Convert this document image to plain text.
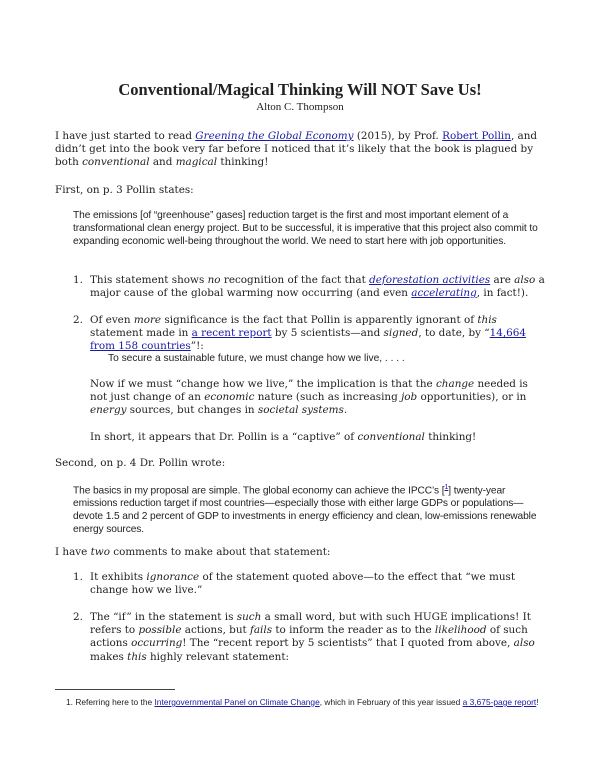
Conventional/Magical Thinking Will NOT Save Us!
Alton C. Thompson
I have just started to read Greening the Global Economy (2015), by Prof. Robert Pollin, and didn’t get into the book very far before I noticed that it’s likely that the book is plagued by both conventional and magical thinking!
First, on p. 3 Pollin states:
The emissions [of “greenhouse” gases] reduction target is the first and most important element of a transformational clean energy project. But to be successful, it is imperative that this project also commit to expanding economic well-being throughout the world. We need to start here with job opportunities.
1. This statement shows no recognition of the fact that deforestation activities are also a major cause of the global warming now occurring (and even accelerating, in fact!).
2. Of even more significance is the fact that Pollin is apparently ignorant of this statement made in a recent report by 5 scientists—and signed, to date, by “14,664 from 158 countries”!:
To secure a sustainable future, we must change how we live, . . . .
Now if we must “change how we live,” the implication is that the change needed is not just change of an economic nature (such as increasing job opportunities), or in energy sources, but changes in societal systems.
In short, it appears that Dr. Pollin is a “captive” of conventional thinking!
Second, on p. 4 Dr. Pollin wrote:
The basics in my proposal are simple. The global economy can achieve the IPCC’s [$^1$] twenty-year emissions reduction target if most countries—especially those with either large GDPs or populations—devote 1.5 and 2 percent of GDP to investments in energy efficiency and clean, low-emissions renewable energy sources.
I have two comments to make about that statement:
1. It exhibits ignorance of the statement quoted above—to the effect that “we must change how we live.”
2. The “if” in the statement is such a small word, but with such HUGE implications! It refers to possible actions, but fails to inform the reader as to the likelihood of such actions occurring! The “recent report by 5 scientists” that I quoted from above, also makes this highly relevant statement:
1. Referring here to the Intergovernmental Panel on Climate Change, which in February of this year issued a 3,675-page report!
